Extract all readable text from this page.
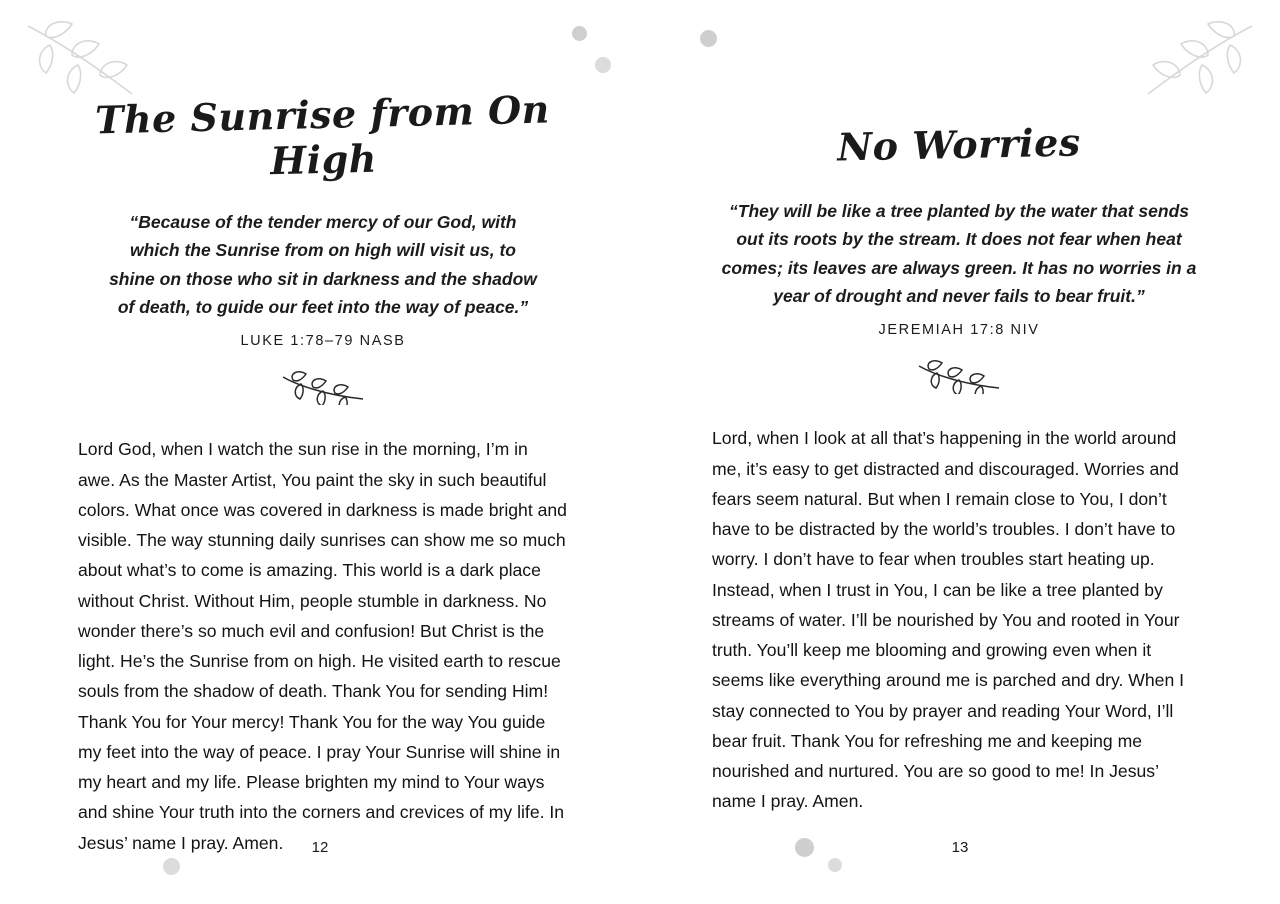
The Sunrise from On High

“Because of the tender mercy of our God, with which the Sunrise from on high will visit us, to shine on those who sit in darkness and the shadow of death, to guide our feet into the way of peace.”

LUKE 1:78–79 NASB

Lord God, when I watch the sun rise in the morning, I’m in awe. As the Master Artist, You paint the sky in such beautiful colors. What once was covered in darkness is made bright and visible. The way stunning daily sunrises can show me so much about what’s to come is amazing. This world is a dark place without Christ. Without Him, people stumble in darkness. No wonder there’s so much evil and confusion! But Christ is the light. He’s the Sunrise from on high. He visited earth to rescue souls from the shadow of death. Thank You for sending Him! Thank You for Your mercy! Thank You for the way You guide my feet into the way of peace. I pray Your Sunrise will shine in my heart and my life. Please brighten my mind to Your ways and shine Your truth into the corners and crevices of my life. In Jesus’ name I pray. Amen.	12
No Worries

“They will be like a tree planted by the water that sends out its roots by the stream. It does not fear when heat comes; its leaves are always green. It has no worries in a year of drought and never fails to bear fruit.”

JEREMIAH 17:8 NIV

Lord, when I look at all that’s happening in the world around me, it’s easy to get distracted and discouraged. Worries and fears seem natural. But when I remain close to You, I don’t have to be distracted by the world’s troubles. I don’t have to worry. I don’t have to fear when troubles start heating up. Instead, when I trust in You, I can be like a tree planted by streams of water. I’ll be nourished by You and rooted in Your truth. You’ll keep me blooming and growing even when it seems like everything around me is parched and dry. When I stay connected to You by prayer and reading Your Word, I’ll bear fruit. Thank You for refreshing me and keeping me nourished and nurtured. You are so good to me! In Jesus’ name I pray. Amen.

13
